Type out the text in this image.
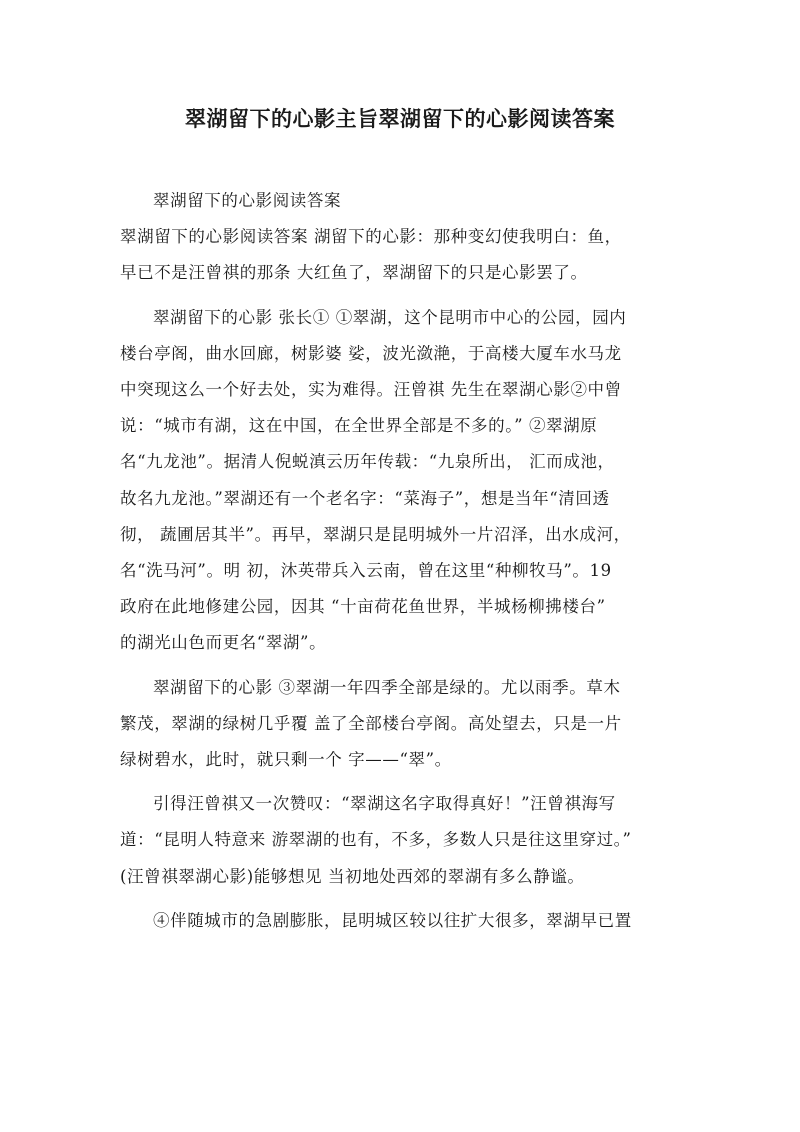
翠湖留下的心影主旨翠湖留下的心影阅读答案
翠湖留下的心影阅读答案
翠湖留下的心影阅读答案 湖留下的心影：那种变幻使我明白：鱼，
早已不是汪曾祺的那条 大红鱼了，翠湖留下的只是心影罢了。
翠湖留下的心影 张长① ①翠湖，这个昆明市中心的公园，园内
楼台亭阁，曲水回廊，树影婆 娑，波光潋滟，于高楼大厦车水马龙
中突现这么一个好去处，实为难得。汪曾祺 先生在翠湖心影②中曾
说：“城市有湖，这在中国，在全世界全部是不多的。” ②翠湖原
名“九龙池”。据清人倪蜕滇云历年传载：“九泉所出， 汇而成池，
故名九龙池。”翠湖还有一个老名字：“菜海子”，想是当年“清回透
彻， 蔬圃居其半”。再早，翠湖只是昆明城外一片沼泽，出水成河，
名“洗马河”。明 初，沐英带兵入云南，曾在这里“种柳牧马”。19
政府在此地修建公园，因其 “十亩荷花鱼世界，半城杨柳拂楼台”
的湖光山色而更名“翠湖”。
翠湖留下的心影 ③翠湖一年四季全部是绿的。尤以雨季。草木
繁茂，翠湖的绿树几乎覆 盖了全部楼台亭阁。高处望去，只是一片
绿树碧水，此时，就只剩一个 字——“翠”。
引得汪曾祺又一次赞叹：“翠湖这名字取得真好！”汪曾祺海写
道：“昆明人特意来 游翠湖的也有，不多，多数人只是往这里穿过。”
(汪曾祺翠湖心影)能够想见 当初地处西郊的翠湖有多么静谧。
④伴随城市的急剧膨胀，昆明城区较以往扩大很多，翠湖早已置
